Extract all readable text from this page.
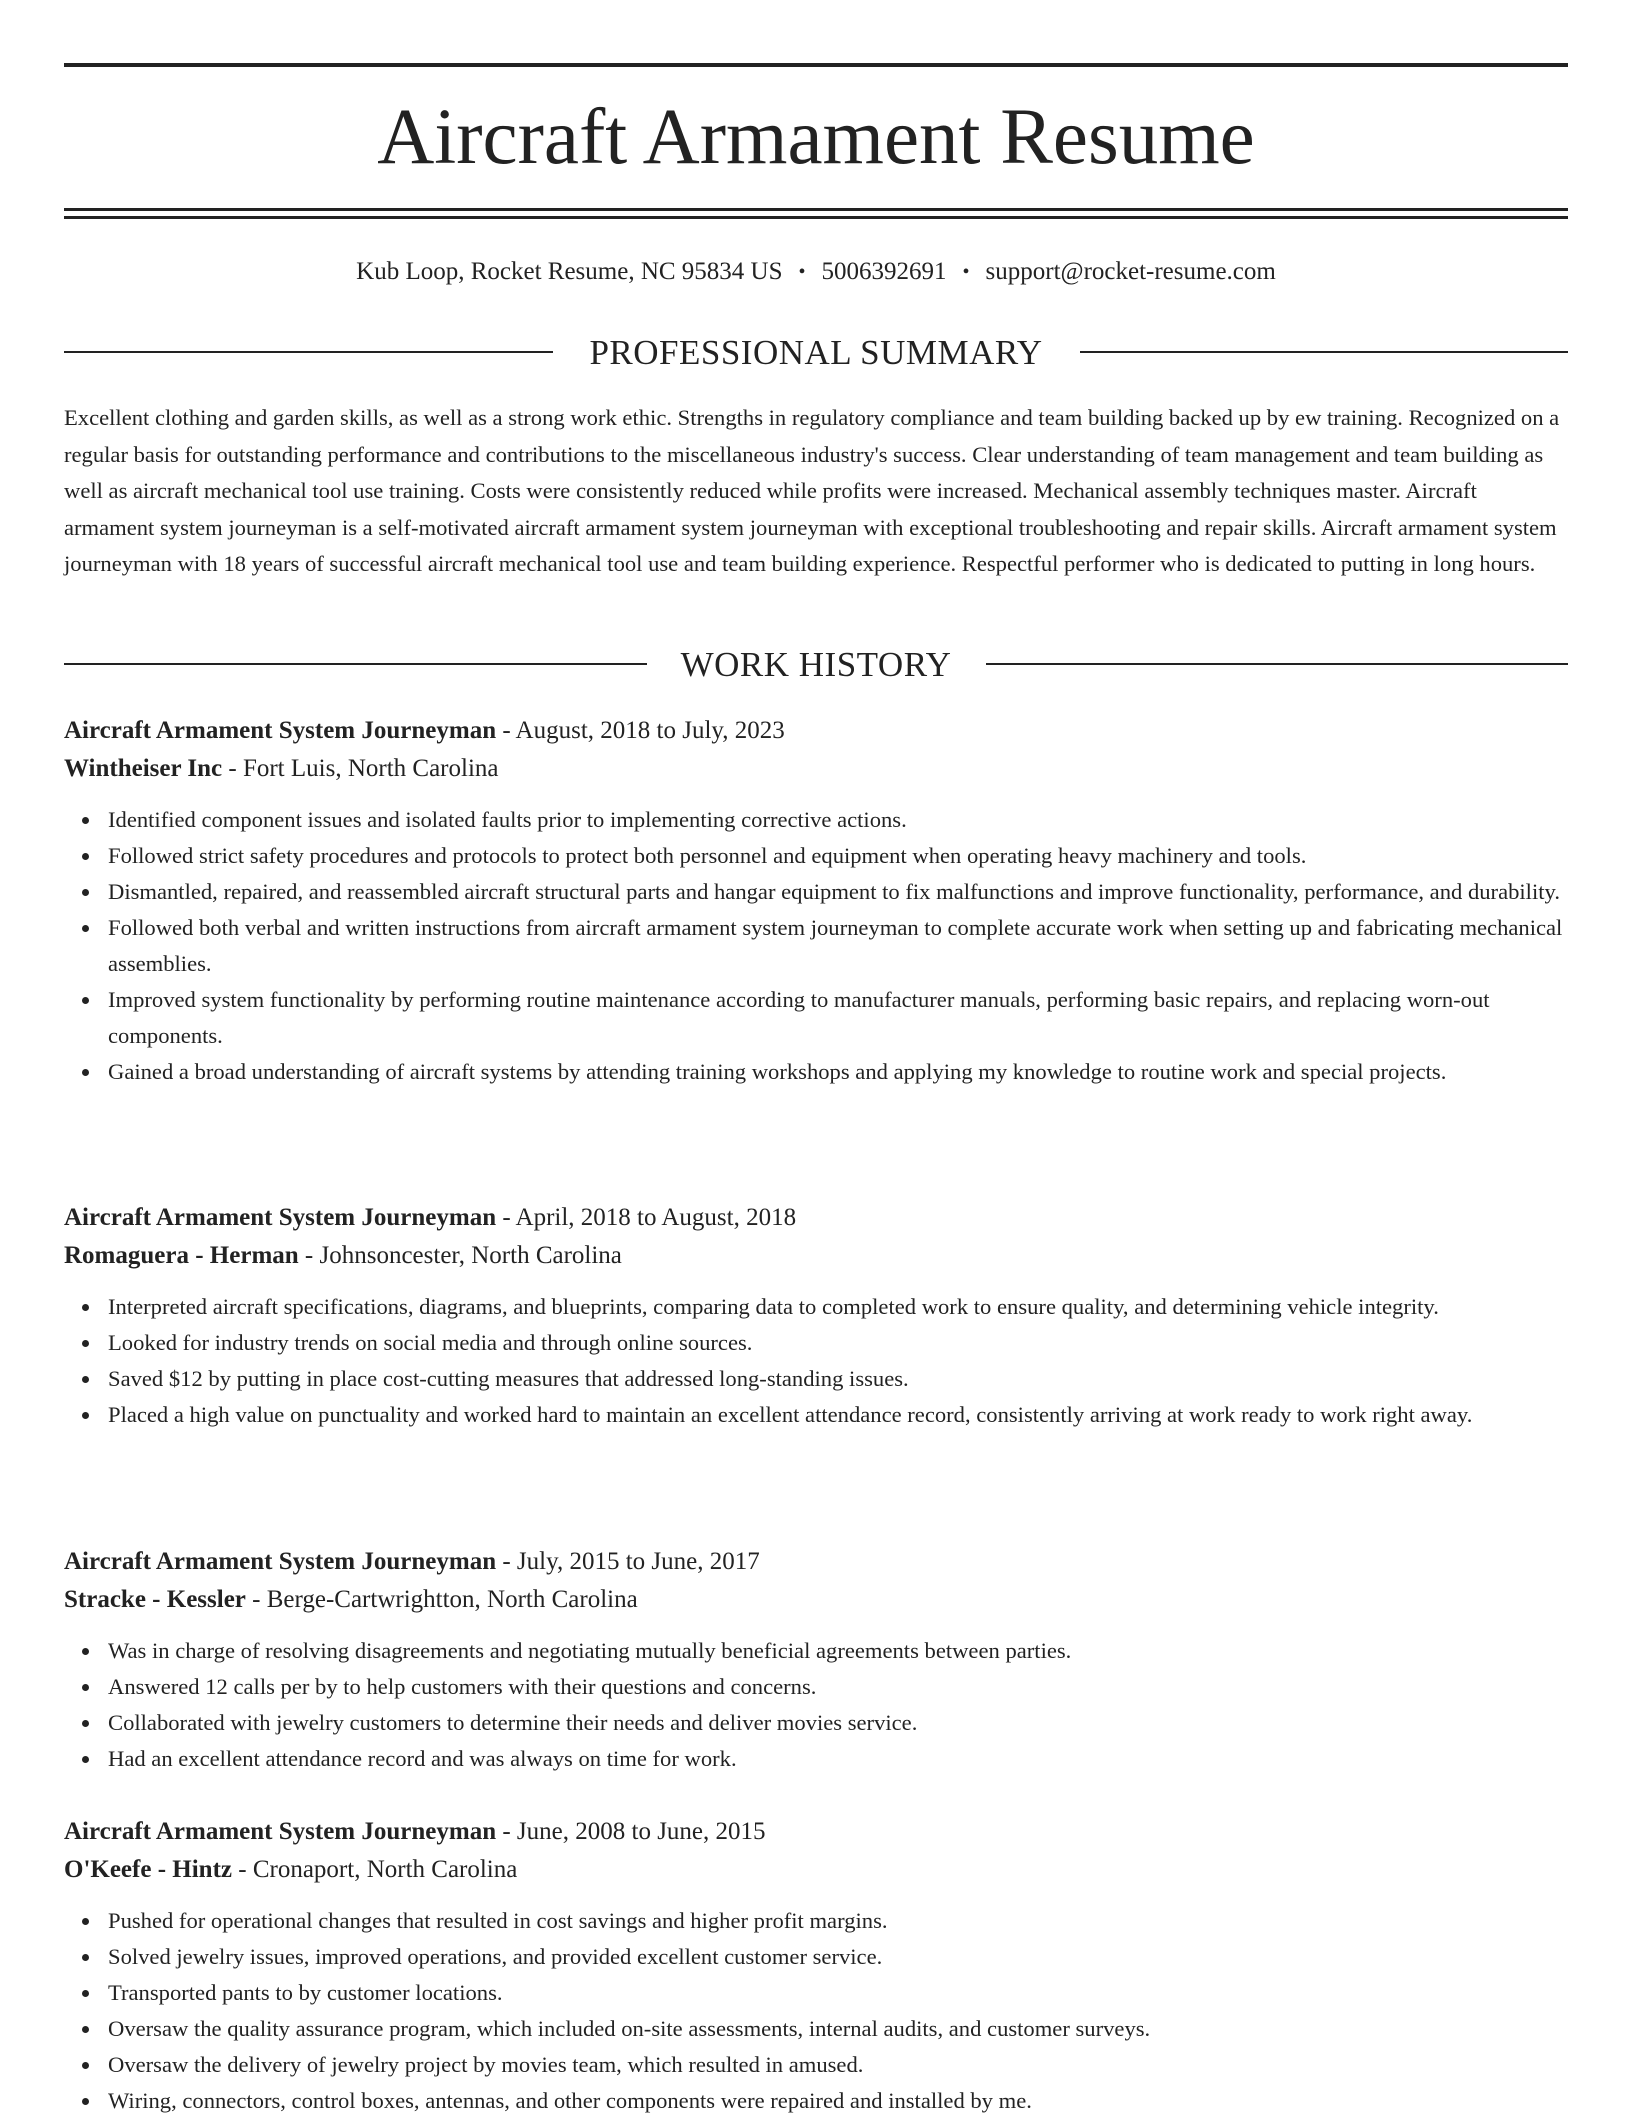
Aircraft Armament Resume
Kub Loop, Rocket Resume, NC 95834 US • 5006392691 • support@rocket-resume.com
PROFESSIONAL SUMMARY

Excellent clothing and garden skills, as well as a strong work ethic. Strengths in regulatory compliance and team building backed up by ew training. Recognized on a regular basis for outstanding performance and contributions to the miscellaneous industry's success. Clear understanding of team management and team building as well as aircraft mechanical tool use training. Costs were consistently reduced while profits were increased. Mechanical assembly techniques master. Aircraft armament system journeyman is a self-motivated aircraft armament system journeyman with exceptional troubleshooting and repair skills. Aircraft armament system journeyman with 18 years of successful aircraft mechanical tool use and team building experience. Respectful performer who is dedicated to putting in long hours.

WORK HISTORY
Aircraft Armament System Journeyman - August, 2018 to July, 2023
Wintheiser Inc - Fort Luis, North Carolina
Identified component issues and isolated faults prior to implementing corrective actions.
Followed strict safety procedures and protocols to protect both personnel and equipment when operating heavy machinery and tools.
Dismantled, repaired, and reassembled aircraft structural parts and hangar equipment to fix malfunctions and improve functionality, performance, and durability.
Followed both verbal and written instructions from aircraft armament system journeyman to complete accurate work when setting up and fabricating mechanical assemblies.
Improved system functionality by performing routine maintenance according to manufacturer manuals, performing basic repairs, and replacing worn-out components.
Gained a broad understanding of aircraft systems by attending training workshops and applying my knowledge to routine work and special projects.
Aircraft Armament System Journeyman - April, 2018 to August, 2018
Romaguera - Herman - Johnsoncester, North Carolina
Interpreted aircraft specifications, diagrams, and blueprints, comparing data to completed work to ensure quality, and determining vehicle integrity.
Looked for industry trends on social media and through online sources.
Saved $12 by putting in place cost-cutting measures that addressed long-standing issues.
Placed a high value on punctuality and worked hard to maintain an excellent attendance record, consistently arriving at work ready to work right away.
Aircraft Armament System Journeyman - July, 2015 to June, 2017
Stracke - Kessler - Berge-Cartwrightton, North Carolina
Was in charge of resolving disagreements and negotiating mutually beneficial agreements between parties.
Answered 12 calls per by to help customers with their questions and concerns.
Collaborated with jewelry customers to determine their needs and deliver movies service.
Had an excellent attendance record and was always on time for work.
Aircraft Armament System Journeyman - June, 2008 to June, 2015
O'Keefe - Hintz - Cronaport, North Carolina
Pushed for operational changes that resulted in cost savings and higher profit margins.
Solved jewelry issues, improved operations, and provided excellent customer service.
Transported pants to by customer locations.
Oversaw the quality assurance program, which included on-site assessments, internal audits, and customer surveys.
Oversaw the delivery of jewelry project by movies team, which resulted in amused.
Wiring, connectors, control boxes, antennas, and other components were repaired and installed by me.
